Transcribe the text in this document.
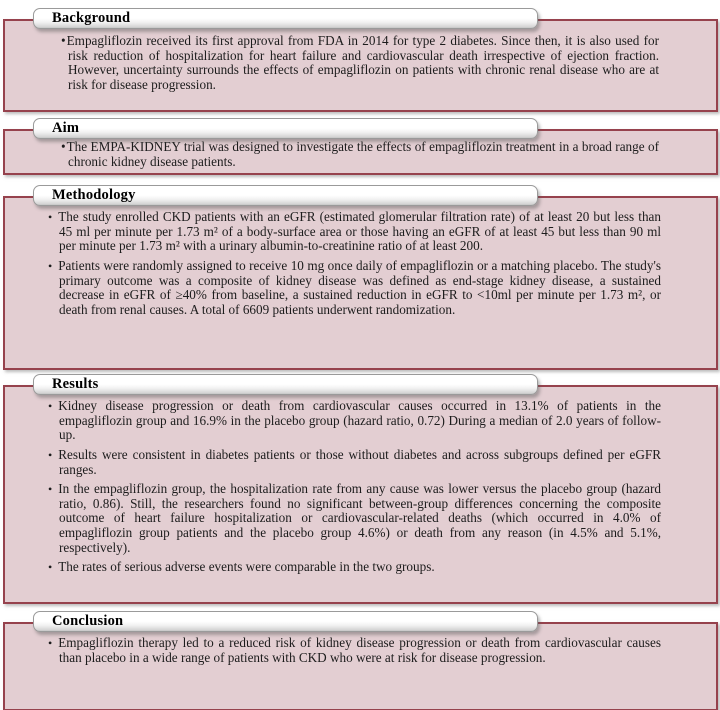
Background
• Empagliflozin received its first approval from FDA in 2014 for type 2 diabetes. Since then, it is also used for risk reduction of hospitalization for heart failure and cardiovascular death irrespective of ejection fraction. However, uncertainty surrounds the effects of empagliflozin on patients with chronic renal disease who are at risk for disease progression.
Aim
• The EMPA-KIDNEY trial was designed to investigate the effects of empagliflozin treatment in a broad range of chronic kidney disease patients.
Methodology
• The study enrolled CKD patients with an eGFR (estimated glomerular filtration rate) of at least 20 but less than 45 ml per minute per 1.73 m² of a body-surface area or those having an eGFR of at least 45 but less than 90 ml per minute per 1.73 m² with a urinary albumin-to-creatinine ratio of at least 200.
• Patients were randomly assigned to receive 10 mg once daily of empagliflozin or a matching placebo. The study's primary outcome was a composite of kidney disease was defined as end-stage kidney disease, a sustained decrease in eGFR of ≥40% from baseline, a sustained reduction in eGFR to <10ml per minute per 1.73 m², or death from renal causes. A total of 6609 patients underwent randomization.
Results
• Kidney disease progression or death from cardiovascular causes occurred in 13.1% of patients in the empagliflozin group and 16.9% in the placebo group (hazard ratio, 0.72) During a median of 2.0 years of follow-up.
• Results were consistent in diabetes patients or those without diabetes and across subgroups defined per eGFR ranges.
• In the empagliflozin group, the hospitalization rate from any cause was lower versus the placebo group (hazard ratio, 0.86). Still, the researchers found no significant between-group differences concerning the composite outcome of heart failure hospitalization or cardiovascular-related deaths (which occurred in 4.0% of empagliflozin group patients and the placebo group 4.6%) or death from any reason (in 4.5% and 5.1%, respectively).
• The rates of serious adverse events were comparable in the two groups.
Conclusion
• Empagliflozin therapy led to a reduced risk of kidney disease progression or death from cardiovascular causes than placebo in a wide range of patients with CKD who were at risk for disease progression.
